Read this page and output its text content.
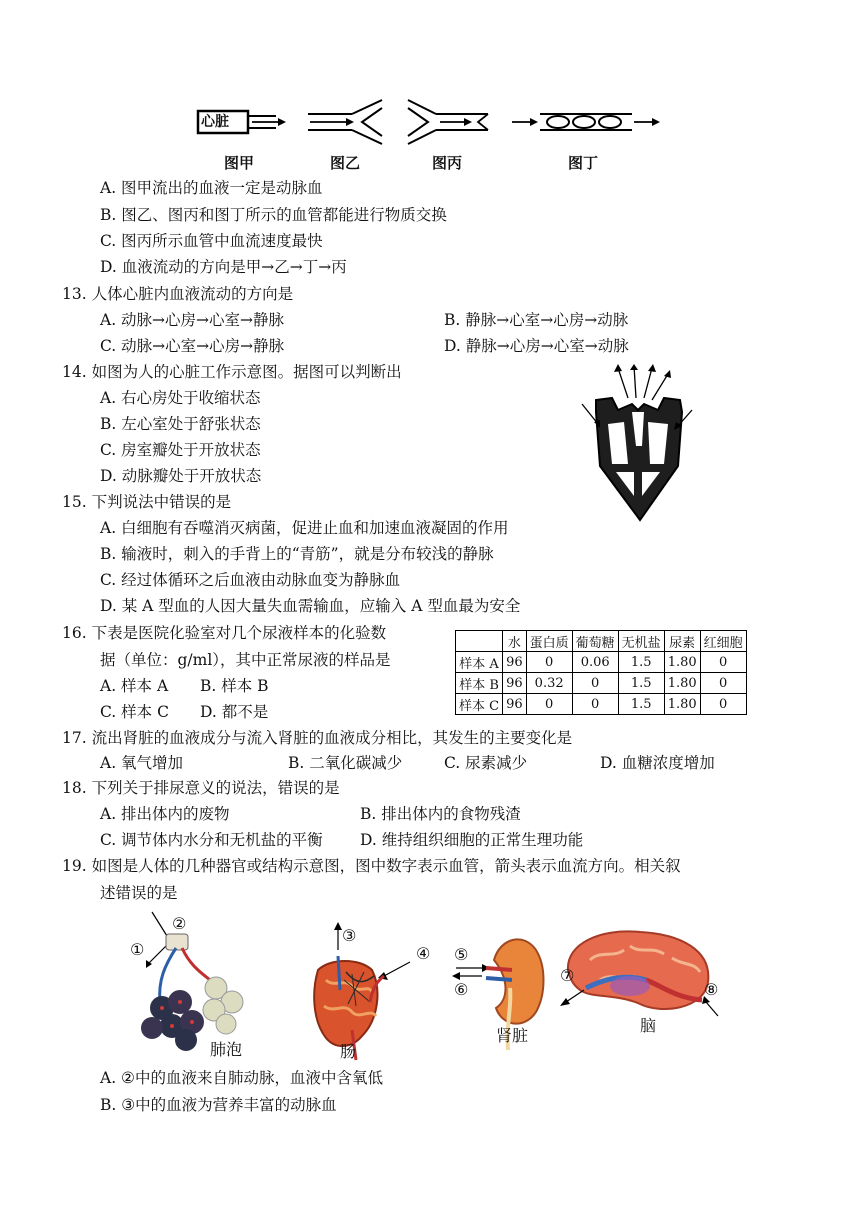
心脏
图甲	图乙	图丙	图丁
A. 图甲流出的血液一定是动脉血
B. 图乙、图丙和图丁所示的血管都能进行物质交换
C. 图丙所示血管中血流速度最快
D. 血液流动的方向是甲→乙→丁→丙
13. 人体心脏内血液流动的方向是
A. 动脉→心房→心室→静脉	B. 静脉→心室→心房→动脉
C. 动脉→心室→心房→静脉	D. 静脉→心房→心室→动脉
14. 如图为人的心脏工作示意图。据图可以判断出
A. 右心房处于收缩状态
B. 左心室处于舒张状态
C. 房室瓣处于开放状态
D. 动脉瓣处于开放状态
15. 下判说法中错误的是
A. 白细胞有吞噬消灭病菌，促进止血和加速血液凝固的作用
B. 输液时，刺入的手背上的“青筋”，就是分布较浅的静脉
C. 经过体循环之后血液由动脉血变为静脉血
D. 某 A 型血的人因大量失血需输血，应输入 A 型血最为安全
16. 下表是医院化验室对几个尿液样本的化验数
据（单位：g/ml），其中正常尿液的样品是
A. 样本 A B. 样本 B
C. 样本 C D. 都不是
	水	蛋白质	葡萄糖	无机盐	尿素	红细胞
样本 A	96	0	0.06	1.5	1.80	0
样本 B	96	0.32	0	1.5	1.80	0
样本 C	96	0	0	1.5	1.80	0
17. 流出肾脏的血液成分与流入肾脏的血液成分相比，其发生的主要变化是
A. 氧气增加	B. 二氧化碳减少	C. 尿素减少	D. 血糖浓度增加
18. 下列关于排尿意义的说法，错误的是
A. 排出体内的废物	B. 排出体内的食物残渣
C. 调节体内水分和无机盐的平衡 D. 维持组织细胞的正常生理功能
19. 如图是人体的几种器官或结构示意图，图中数字表示血管，箭头表示血流方向。相关叙
述错误的是
①
②
③
④ ⑤
⑥
⑦
⑧
肺泡	肠
肾脏
脑
A. ②中的血液来自肺动脉，血液中含氧低
B. ③中的血液为营养丰富的动脉血
